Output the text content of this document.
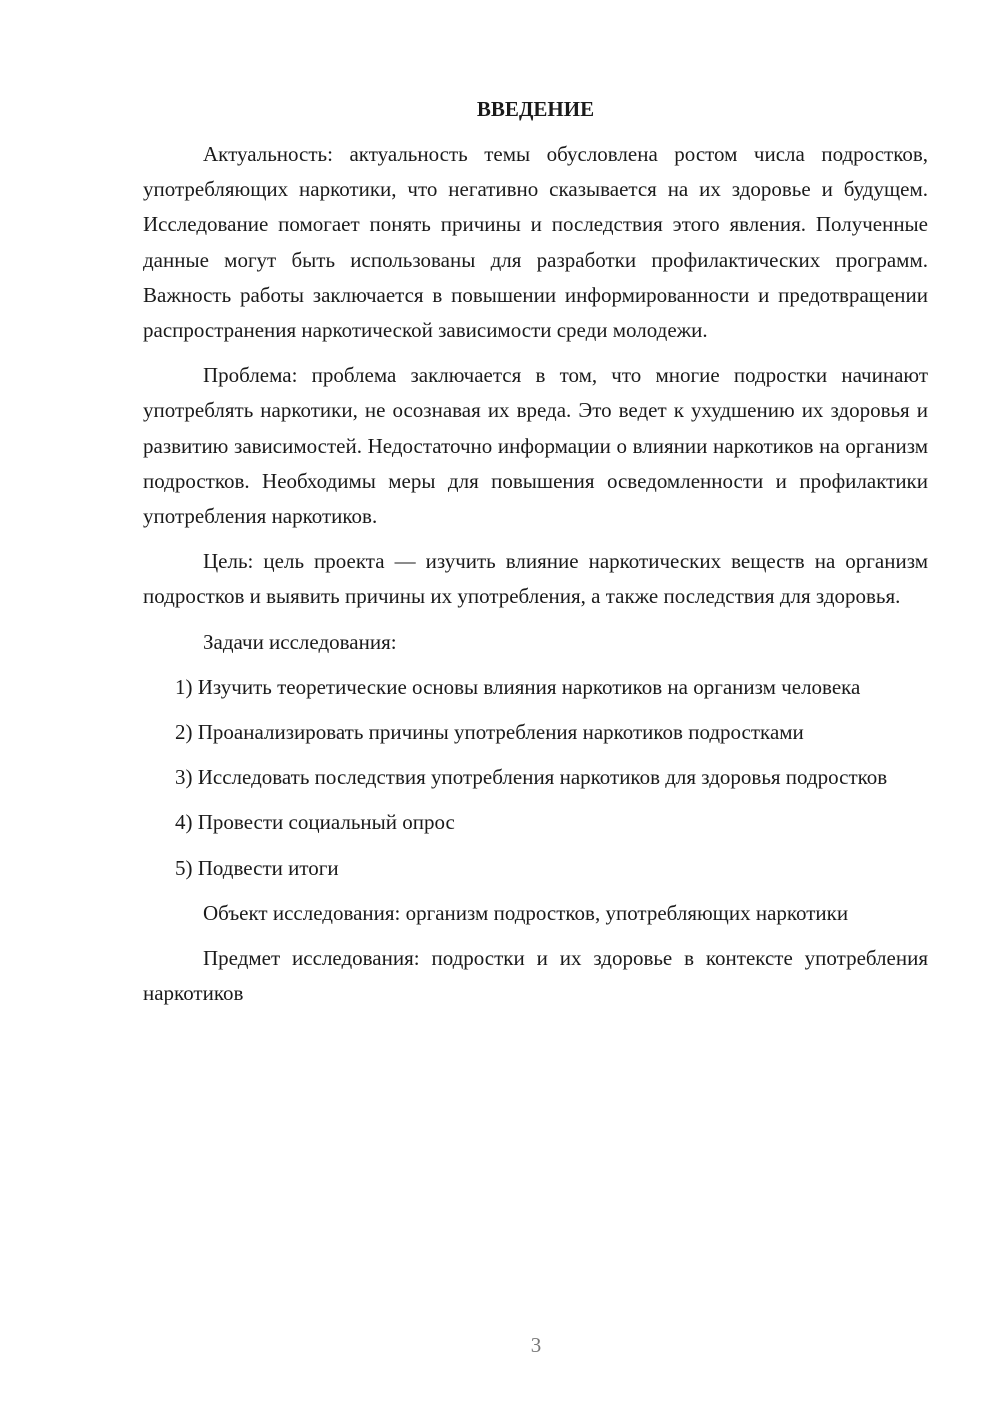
ВВЕДЕНИЕ

Актуальность: актуальность темы обусловлена ростом числа подростков, употребляющих наркотики, что негативно сказывается на их здоровье и будущем. Исследование помогает понять причины и последствия этого явления. Полученные данные могут быть использованы для разработки профилактических программ. Важность работы заключается в повышении информированности и предотвращении распространения наркотической зависимости среди молодежи.

Проблема: проблема заключается в том, что многие подростки начинают употреблять наркотики, не осознавая их вреда. Это ведет к ухудшению их здоровья и развитию зависимостей. Недостаточно информации о влиянии наркотиков на организм подростков. Необходимы меры для повышения осведомленности и профилактики употребления наркотиков.

Цель: цель проекта — изучить влияние наркотических веществ на организм подростков и выявить причины их употребления, а также последствия для здоровья.

Задачи исследования:

1) Изучить теоретические основы влияния наркотиков на организм человека

2) Проанализировать причины употребления наркотиков подростками

3) Исследовать последствия употребления наркотиков для здоровья подростков

4) Провести социальный опрос

5) Подвести итоги

Объект исследования: организм подростков, употребляющих наркотики

Предмет исследования: подростки и их здоровье в контексте употребления наркотиков

3
